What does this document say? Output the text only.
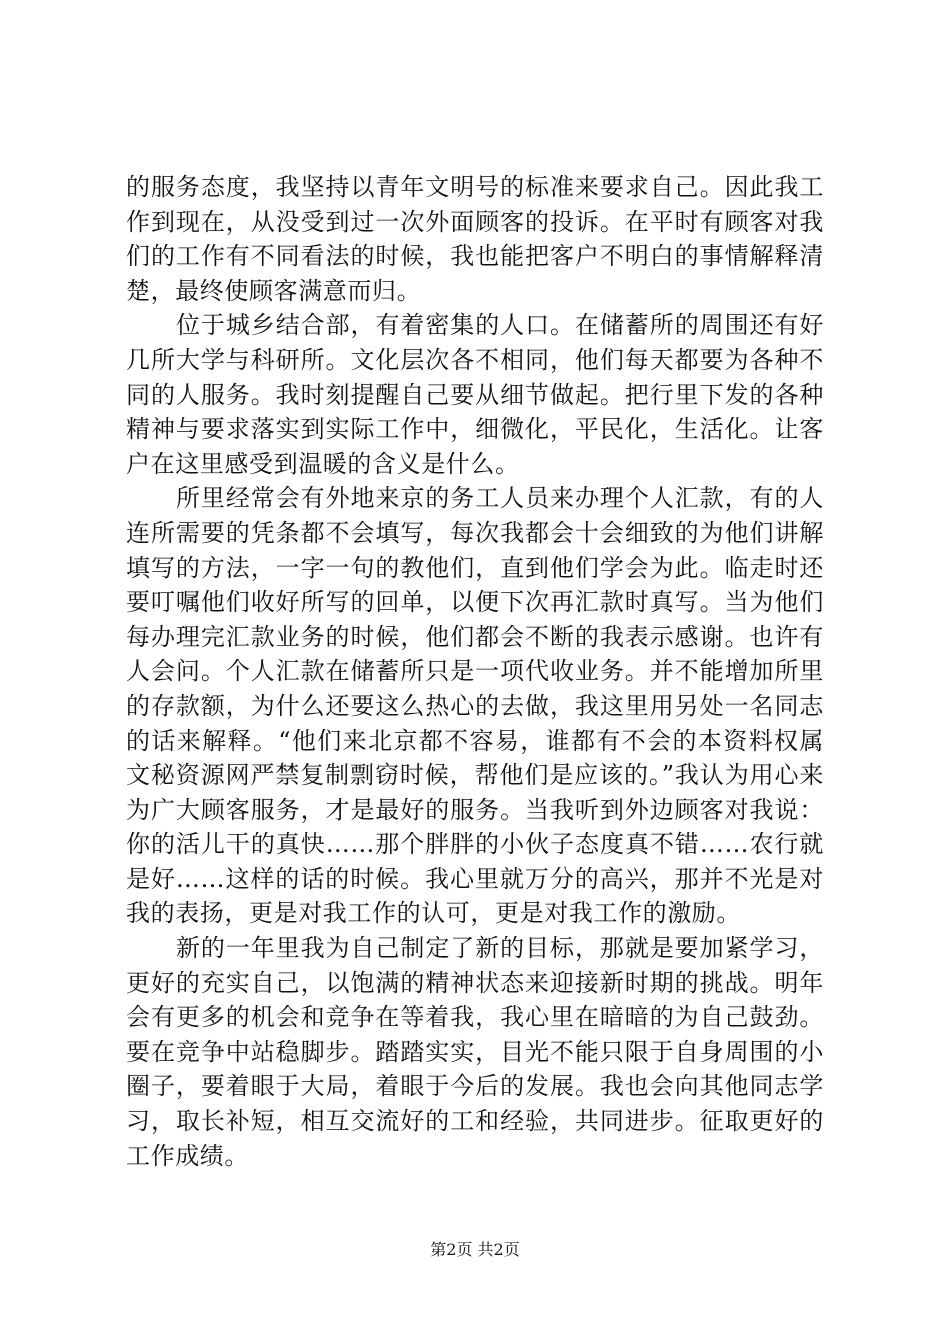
的服务态度，我坚持以青年文明号的标准来要求自己。因此我工作到现在，从没受到过一次外面顾客的投诉。在平时有顾客对我们的工作有不同看法的时候，我也能把客户不明白的事情解释清楚，最终使顾客满意而归。

位于城乡结合部，有着密集的人口。在储蓄所的周围还有好几所大学与科研所。文化层次各不相同，他们每天都要为各种不同的人服务。我时刻提醒自己要从细节做起。把行里下发的各种精神与要求落实到实际工作中，细微化，平民化，生活化。让客户在这里感受到温暖的含义是什么。

所里经常会有外地来京的务工人员来办理个人汇款，有的人连所需要的凭条都不会填写，每次我都会十会细致的为他们讲解填写的方法，一字一句的教他们，直到他们学会为此。临走时还要叮嘱他们收好所写的回单，以便下次再汇款时真写。当为他们每办理完汇款业务的时候，他们都会不断的我表示感谢。也许有人会问。个人汇款在储蓄所只是一项代收业务。并不能增加所里的存款额，为什么还要这么热心的去做，我这里用另处一名同志的话来解释。“他们来北京都不容易，谁都有不会的本资料权属文秘资源网严禁复制剽窃时候，帮他们是应该的。”我认为用心来为广大顾客服务，才是最好的服务。当我听到外边顾客对我说：你的活儿干的真快……那个胖胖的小伙子态度真不错……农行就是好……这样的话的时候。我心里就万分的高兴，那并不光是对我的表扬，更是对我工作的认可，更是对我工作的激励。

新的一年里我为自己制定了新的目标，那就是要加紧学习，更好的充实自己，以饱满的精神状态来迎接新时期的挑战。明年会有更多的机会和竞争在等着我，我心里在暗暗的为自己鼓劲。要在竞争中站稳脚步。踏踏实实，目光不能只限于自身周围的小圈子，要着眼于大局，着眼于今后的发展。我也会向其他同志学习，取长补短，相互交流好的工和经验，共同进步。征取更好的工作成绩。

第2页 共2页
